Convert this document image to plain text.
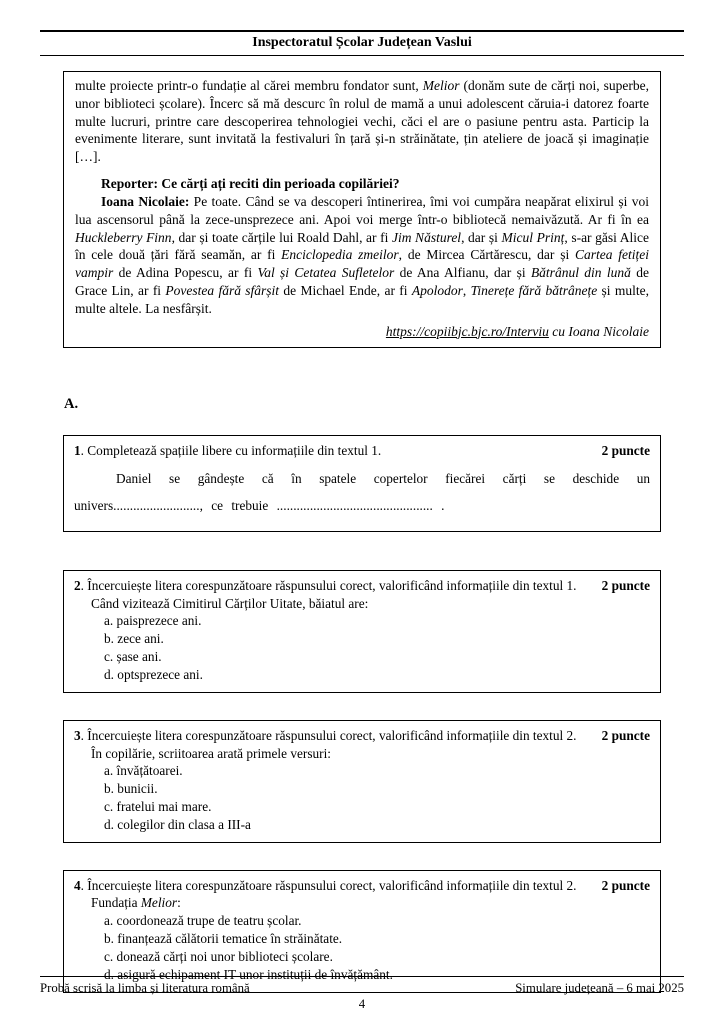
Inspectoratul Școlar Județean Vaslui

multe proiecte printr-o fundație al cărei membru fondator sunt, Melior (donăm sute de cărți noi, superbe, unor biblioteci școlare). Încerc să mă descurc în rolul de mamă a unui adolescent căruia-i datorez foarte multe lucruri, printre care descoperirea tehnologiei vechi, căci el are o pasiune pentru asta. Particip la evenimente literare, sunt invitată la festivaluri în țară și-n străinătate, țin ateliere de joacă și imaginație […].

Reporter: Ce cărți ați reciti din perioada copilăriei?

Ioana Nicolaie: Pe toate. Când se va descoperi întinerirea, îmi voi cumpăra neapărat elixirul și voi lua ascensorul până la zece-unsprezece ani. Apoi voi merge într-o bibliotecă nemaivăzută. Ar fi în ea Huckleberry Finn, dar și toate cărțile lui Roald Dahl, ar fi Jim Năsturel, dar și Micul Prinț, s-ar găsi Alice în cele două țări fără seamăn, ar fi Enciclopedia zmeilor, de Mircea Cărtărescu, dar și Cartea fetiței vampir de Adina Popescu, ar fi Val și Cetatea Sufletelor de Ana Alfianu, dar și Bătrânul din lună de Grace Lin, ar fi Povestea fără sfârșit de Michael Ende, ar fi Apolodor, Tinerețe fără bătrânețe și multe, multe altele. La nesfârșit.

https://copiibjc.bjc.ro/Interviu cu Ioana Nicolaie

A.
1. Completează spațiile libere cu informațiile din textul 1.	2 puncte

Daniel se gândește că în spatele copertelor fiecărei cărți se deschide un univers.........................., ce trebuie ............................................... .

2. Încercuiește litera corespunzătoare răspunsului corect, valorificând informațiile din textul 1.	2 puncte
Când vizitează Cimitirul Cărților Uitate, băiatul are:
a. paisprezece ani.
b. zece ani.
c. șase ani.
d. optsprezece ani.
3. Încercuiește litera corespunzătoare răspunsului corect, valorificând informațiile din textul 2.	2 puncte
În copilărie, scriitoarea arată primele versuri:
a. învățătoarei.
b. bunicii.
c. fratelui mai mare.
d. colegilor din clasa a III-a
4. Încercuiește litera corespunzătoare răspunsului corect, valorificând informațiile din textul 2.	2 puncte
Fundația Melior:
a. coordonează trupe de teatru școlar.
b. finanțează călătorii tematice în străinătate.
c. donează cărți noi unor biblioteci școlare.
d. asigură echipament IT unor instituții de învățământ.
Probă scrisă la limba și literatura română	Simulare județeană – 6 mai 2025
4
